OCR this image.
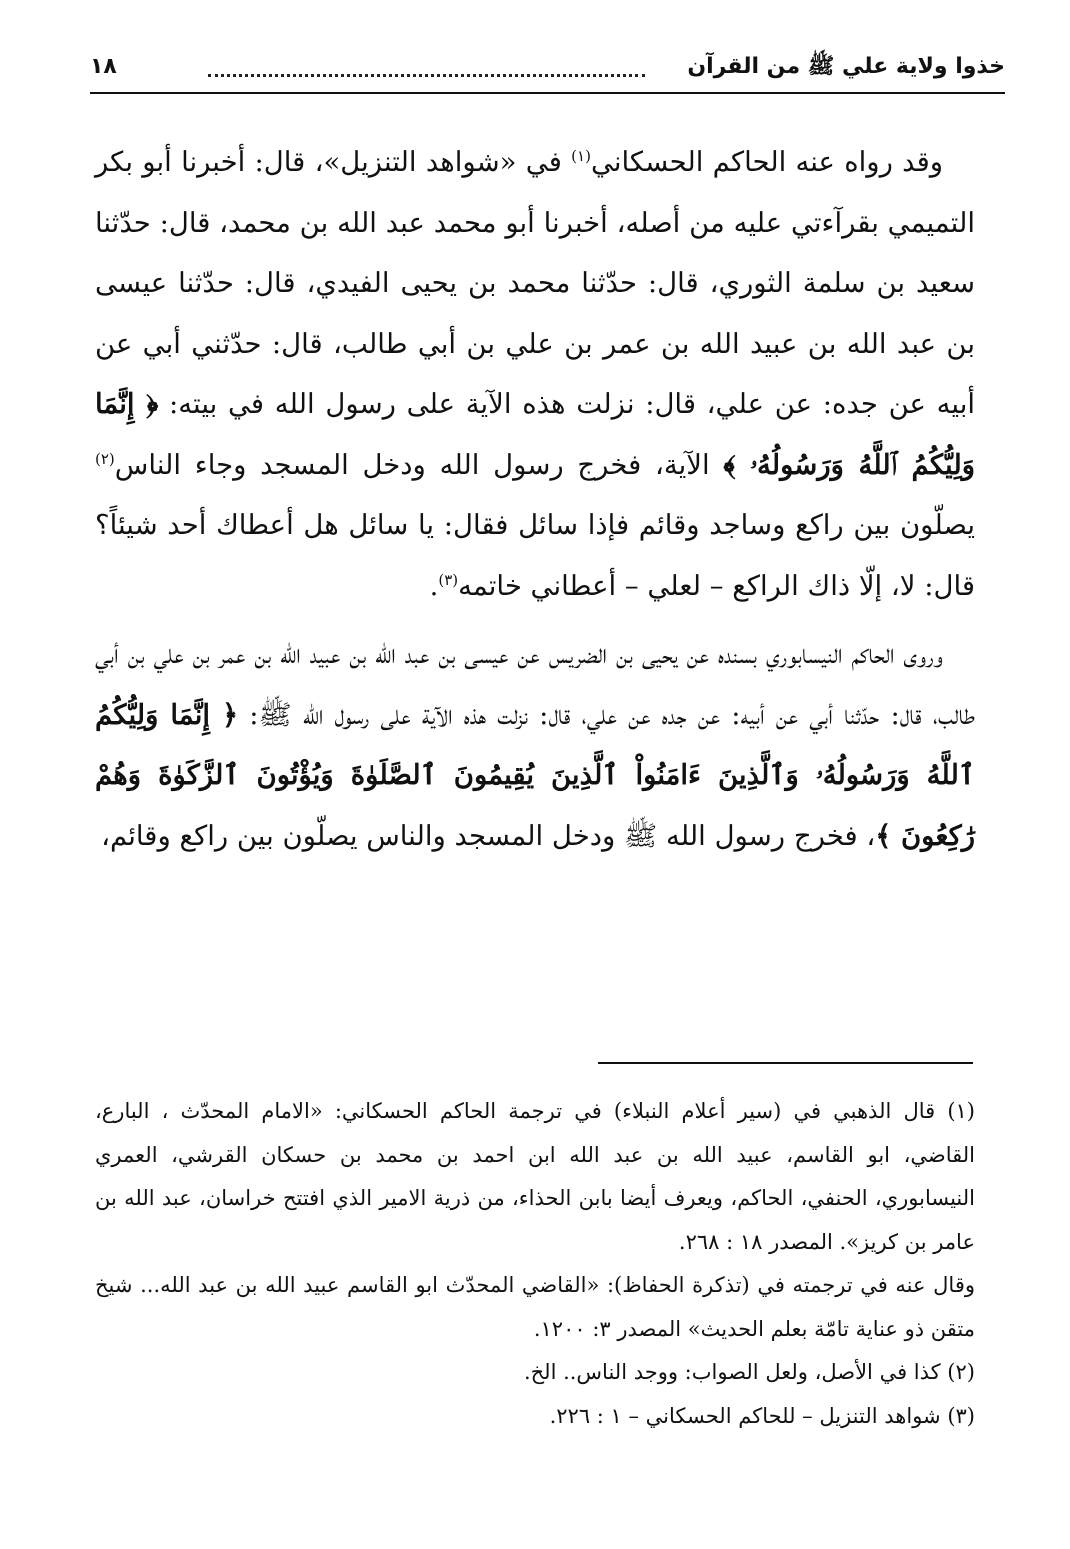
خذوا ولاية علي ﷺ من القرآن
١٨

وقد رواه عنه الحاكم الحسكاني$^{(١)}$ في «شواهد التنزيل»، قال: أخبرنا أبو بكر التميمي بقرآءتي عليه من أصله، أخبرنا أبو محمد عبد الله بن محمد، قال: حدّثنا سعيد بن سلمة الثوري، قال: حدّثنا محمد بن يحيى الفيدي، قال: حدّثنا عيسى بن عبد الله بن عبيد الله بن عمر بن علي بن أبي طالب، قال: حدّثني أبي عن أبيه عن جده: عن علي، قال: نزلت هذه الآية على رسول الله في بيته: ﴿ إِنَّمَا وَلِيُّكُمُ ٱللَّهُ وَرَسُولُهُۥ ﴾ الآية، فخرج رسول الله ودخل المسجد وجاء الناس$^{(٢)}$ يصلّون بين راكع وساجد وقائم فإذا سائل فقال: يا سائل هل أعطاك أحد شيئاً؟ قال: لا، إلّا ذاك الراكع – لعلي – أعطاني خاتمه$^{(٣)}$.

وروى الحاكم النيسابوري بسنده عن يحيى بن الضريس عن عيسى بن عبد الله بن عبيد الله بن عمر بن علي بن أبي طالب، قال: حدّثنا أبي عن أبيه: عن جده عن علي، قال: نزلت هذه الآية على رسول الله ﷺ: ﴿ إِنَّمَا وَلِيُّكُمُ ٱللَّهُ وَرَسُولُهُۥ وَٱلَّذِينَ ءَامَنُواْ ٱلَّذِينَ يُقِيمُونَ ٱلصَّلَوٰةَ وَيُؤْتُونَ ٱلزَّكَوٰةَ وَهُمْ رَٰكِعُونَ ﴾، فخرج رسول الله ﷺ ودخل المسجد والناس يصلّون بين راكع وقائم،

(١) قال الذهبي في (سير أعلام النبلاء) في ترجمة الحاكم الحسكاني: «الامام المحدّث ، البارع، القاضي، ابو القاسم، عبيد الله بن عبد الله ابن احمد بن محمد بن حسكان القرشي، العمري النيسابوري، الحنفي، الحاكم، ويعرف أيضا بابن الحذاء، من ذرية الامير الذي افتتح خراسان، عبد الله بن عامر بن كريز». المصدر ١٨ : ٢٦٨.

وقال عنه في ترجمته في (تذكرة الحفاظ): «القاضي المحدّث ابو القاسم عبيد الله بن عبد الله... شيخ متقن ذو عناية تامّة بعلم الحديث» المصدر ٣: ١٢٠٠.

(٢) كذا في الأصل، ولعل الصواب: ووجد الناس.. الخ.

(٣) شواهد التنزيل – للحاكم الحسكاني – ١ : ٢٢٦.
